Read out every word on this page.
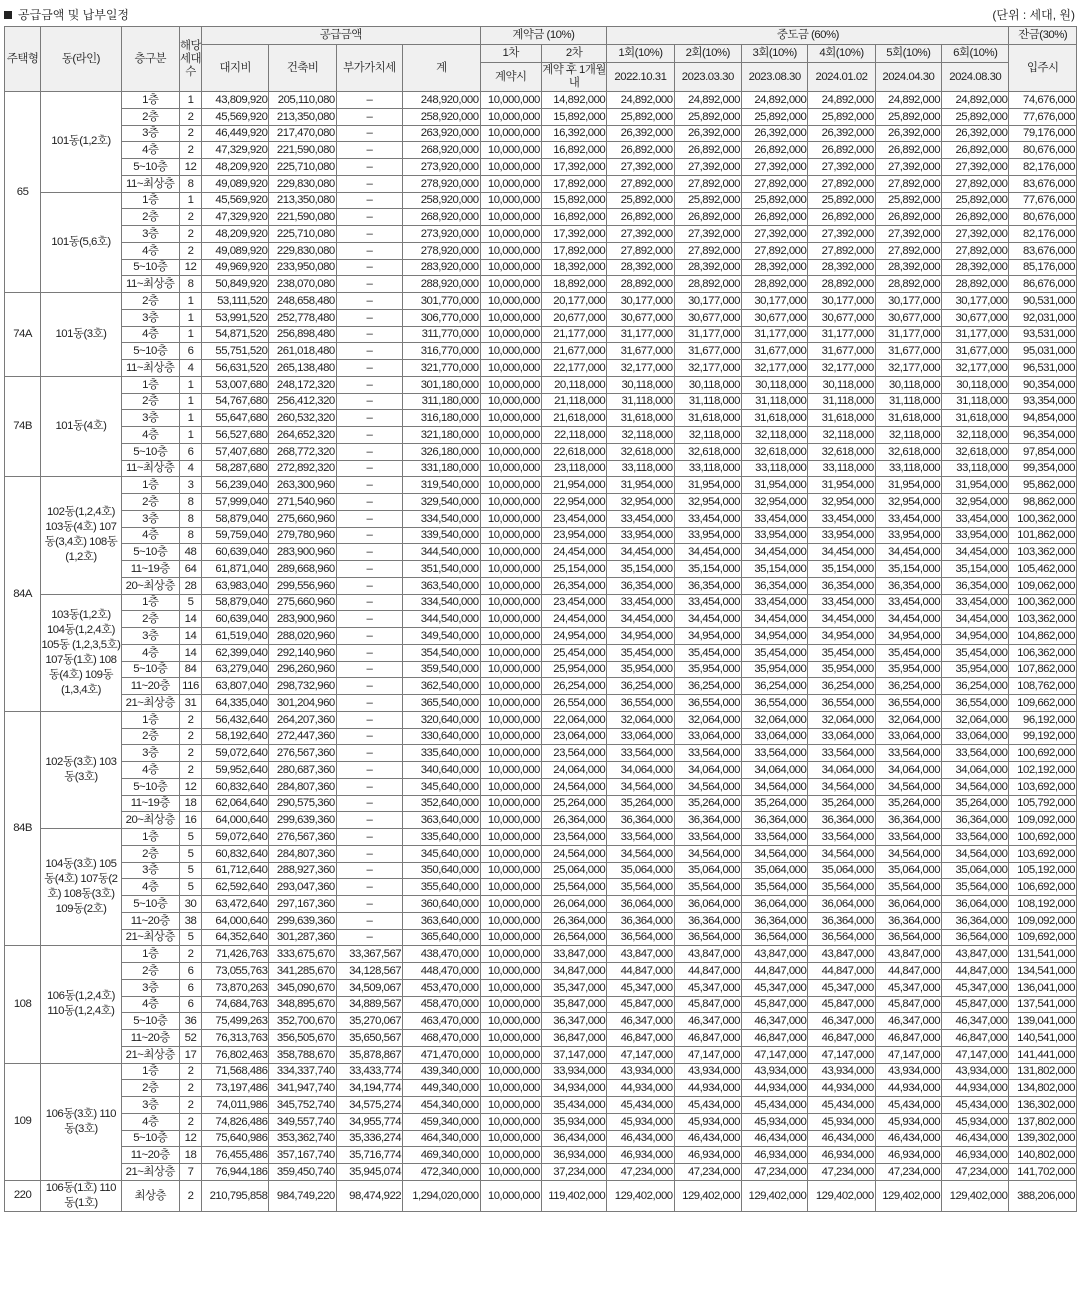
공급금액 및 납부일정	(단위 : 세대, 원)
주택형	동(라인)	층구분	해당세대수	공급금액				계약금 (10%)		중도금 (60%)						잔금(30%)
				대지비	건축비	부가가치세	계	1차	2차	1회(10%)	2회(10%)	3회(10%)	4회(10%)	5회(10%)	6회(10%)	입주시
								계약시	계약 후 1개월 내	2022.10.31	2023.03.30	2023.08.30	2024.01.02	2024.04.30	2024.08.30	
65	101동(1,2호)	1층	1	43,809,920	205,110,080	–	248,920,000	10,000,000	14,892,000	24,892,000	24,892,000	24,892,000	24,892,000	24,892,000	24,892,000	74,676,000
		2층	2	45,569,920	213,350,080	–	258,920,000	10,000,000	15,892,000	25,892,000	25,892,000	25,892,000	25,892,000	25,892,000	25,892,000	77,676,000
		3층	2	46,449,920	217,470,080	–	263,920,000	10,000,000	16,392,000	26,392,000	26,392,000	26,392,000	26,392,000	26,392,000	26,392,000	79,176,000
		4층	2	47,329,920	221,590,080	–	268,920,000	10,000,000	16,892,000	26,892,000	26,892,000	26,892,000	26,892,000	26,892,000	26,892,000	80,676,000
		5~10층	12	48,209,920	225,710,080	–	273,920,000	10,000,000	17,392,000	27,392,000	27,392,000	27,392,000	27,392,000	27,392,000	27,392,000	82,176,000
		11~최상층	8	49,089,920	229,830,080	–	278,920,000	10,000,000	17,892,000	27,892,000	27,892,000	27,892,000	27,892,000	27,892,000	27,892,000	83,676,000
	101동(5,6호)	1층	1	45,569,920	213,350,080	–	258,920,000	10,000,000	15,892,000	25,892,000	25,892,000	25,892,000	25,892,000	25,892,000	25,892,000	77,676,000
		2층	2	47,329,920	221,590,080	–	268,920,000	10,000,000	16,892,000	26,892,000	26,892,000	26,892,000	26,892,000	26,892,000	26,892,000	80,676,000
		3층	2	48,209,920	225,710,080	–	273,920,000	10,000,000	17,392,000	27,392,000	27,392,000	27,392,000	27,392,000	27,392,000	27,392,000	82,176,000
		4층	2	49,089,920	229,830,080	–	278,920,000	10,000,000	17,892,000	27,892,000	27,892,000	27,892,000	27,892,000	27,892,000	27,892,000	83,676,000
		5~10층	12	49,969,920	233,950,080	–	283,920,000	10,000,000	18,392,000	28,392,000	28,392,000	28,392,000	28,392,000	28,392,000	28,392,000	85,176,000
		11~최상층	8	50,849,920	238,070,080	–	288,920,000	10,000,000	18,892,000	28,892,000	28,892,000	28,892,000	28,892,000	28,892,000	28,892,000	86,676,000
74A	101동(3호)	2층	1	53,111,520	248,658,480	–	301,770,000	10,000,000	20,177,000	30,177,000	30,177,000	30,177,000	30,177,000	30,177,000	30,177,000	90,531,000
		3층	1	53,991,520	252,778,480	–	306,770,000	10,000,000	20,677,000	30,677,000	30,677,000	30,677,000	30,677,000	30,677,000	30,677,000	92,031,000
		4층	1	54,871,520	256,898,480	–	311,770,000	10,000,000	21,177,000	31,177,000	31,177,000	31,177,000	31,177,000	31,177,000	31,177,000	93,531,000
		5~10층	6	55,751,520	261,018,480	–	316,770,000	10,000,000	21,677,000	31,677,000	31,677,000	31,677,000	31,677,000	31,677,000	31,677,000	95,031,000
		11~최상층	4	56,631,520	265,138,480	–	321,770,000	10,000,000	22,177,000	32,177,000	32,177,000	32,177,000	32,177,000	32,177,000	32,177,000	96,531,000
74B	101동(4호)	1층	1	53,007,680	248,172,320	–	301,180,000	10,000,000	20,118,000	30,118,000	30,118,000	30,118,000	30,118,000	30,118,000	30,118,000	90,354,000
		2층	1	54,767,680	256,412,320	–	311,180,000	10,000,000	21,118,000	31,118,000	31,118,000	31,118,000	31,118,000	31,118,000	31,118,000	93,354,000
		3층	1	55,647,680	260,532,320	–	316,180,000	10,000,000	21,618,000	31,618,000	31,618,000	31,618,000	31,618,000	31,618,000	31,618,000	94,854,000
		4층	1	56,527,680	264,652,320	–	321,180,000	10,000,000	22,118,000	32,118,000	32,118,000	32,118,000	32,118,000	32,118,000	32,118,000	96,354,000
		5~10층	6	57,407,680	268,772,320	–	326,180,000	10,000,000	22,618,000	32,618,000	32,618,000	32,618,000	32,618,000	32,618,000	32,618,000	97,854,000
		11~최상층	4	58,287,680	272,892,320	–	331,180,000	10,000,000	23,118,000	33,118,000	33,118,000	33,118,000	33,118,000	33,118,000	33,118,000	99,354,000
84A	102동(1,2,4호) 103동(4호) 107동(3,4호) 108동(1,2호)	1층	3	56,239,040	263,300,960	–	319,540,000	10,000,000	21,954,000	31,954,000	31,954,000	31,954,000	31,954,000	31,954,000	31,954,000	95,862,000
		2층	8	57,999,040	271,540,960	–	329,540,000	10,000,000	22,954,000	32,954,000	32,954,000	32,954,000	32,954,000	32,954,000	32,954,000	98,862,000
		3층	8	58,879,040	275,660,960	–	334,540,000	10,000,000	23,454,000	33,454,000	33,454,000	33,454,000	33,454,000	33,454,000	33,454,000	100,362,000
		4층	8	59,759,040	279,780,960	–	339,540,000	10,000,000	23,954,000	33,954,000	33,954,000	33,954,000	33,954,000	33,954,000	33,954,000	101,862,000
		5~10층	48	60,639,040	283,900,960	–	344,540,000	10,000,000	24,454,000	34,454,000	34,454,000	34,454,000	34,454,000	34,454,000	34,454,000	103,362,000
		11~19층	64	61,871,040	289,668,960	–	351,540,000	10,000,000	25,154,000	35,154,000	35,154,000	35,154,000	35,154,000	35,154,000	35,154,000	105,462,000
		20~최상층	28	63,983,040	299,556,960	–	363,540,000	10,000,000	26,354,000	36,354,000	36,354,000	36,354,000	36,354,000	36,354,000	36,354,000	109,062,000
	103동(1,2호) 104동(1,2,4호) 105동 (1,2,3,5호) 107동(1호) 108동(4호) 109동(1,3,4호)	1층	5	58,879,040	275,660,960	–	334,540,000	10,000,000	23,454,000	33,454,000	33,454,000	33,454,000	33,454,000	33,454,000	33,454,000	100,362,000
		2층	14	60,639,040	283,900,960	–	344,540,000	10,000,000	24,454,000	34,454,000	34,454,000	34,454,000	34,454,000	34,454,000	34,454,000	103,362,000
		3층	14	61,519,040	288,020,960	–	349,540,000	10,000,000	24,954,000	34,954,000	34,954,000	34,954,000	34,954,000	34,954,000	34,954,000	104,862,000
		4층	14	62,399,040	292,140,960	–	354,540,000	10,000,000	25,454,000	35,454,000	35,454,000	35,454,000	35,454,000	35,454,000	35,454,000	106,362,000
		5~10층	84	63,279,040	296,260,960	–	359,540,000	10,000,000	25,954,000	35,954,000	35,954,000	35,954,000	35,954,000	35,954,000	35,954,000	107,862,000
		11~20층	116	63,807,040	298,732,960	–	362,540,000	10,000,000	26,254,000	36,254,000	36,254,000	36,254,000	36,254,000	36,254,000	36,254,000	108,762,000
		21~최상층	31	64,335,040	301,204,960	–	365,540,000	10,000,000	26,554,000	36,554,000	36,554,000	36,554,000	36,554,000	36,554,000	36,554,000	109,662,000
84B	102동(3호) 103동(3호)	1층	2	56,432,640	264,207,360	–	320,640,000	10,000,000	22,064,000	32,064,000	32,064,000	32,064,000	32,064,000	32,064,000	32,064,000	96,192,000
		2층	2	58,192,640	272,447,360	–	330,640,000	10,000,000	23,064,000	33,064,000	33,064,000	33,064,000	33,064,000	33,064,000	33,064,000	99,192,000
		3층	2	59,072,640	276,567,360	–	335,640,000	10,000,000	23,564,000	33,564,000	33,564,000	33,564,000	33,564,000	33,564,000	33,564,000	100,692,000
		4층	2	59,952,640	280,687,360	–	340,640,000	10,000,000	24,064,000	34,064,000	34,064,000	34,064,000	34,064,000	34,064,000	34,064,000	102,192,000
		5~10층	12	60,832,640	284,807,360	–	345,640,000	10,000,000	24,564,000	34,564,000	34,564,000	34,564,000	34,564,000	34,564,000	34,564,000	103,692,000
		11~19층	18	62,064,640	290,575,360	–	352,640,000	10,000,000	25,264,000	35,264,000	35,264,000	35,264,000	35,264,000	35,264,000	35,264,000	105,792,000
		20~최상층	16	64,000,640	299,639,360	–	363,640,000	10,000,000	26,364,000	36,364,000	36,364,000	36,364,000	36,364,000	36,364,000	36,364,000	109,092,000
	104동(3호) 105동(4호) 107동(2호) 108동(3호) 109동(2호)	1층	5	59,072,640	276,567,360	–	335,640,000	10,000,000	23,564,000	33,564,000	33,564,000	33,564,000	33,564,000	33,564,000	33,564,000	100,692,000
		2층	5	60,832,640	284,807,360	–	345,640,000	10,000,000	24,564,000	34,564,000	34,564,000	34,564,000	34,564,000	34,564,000	34,564,000	103,692,000
		3층	5	61,712,640	288,927,360	–	350,640,000	10,000,000	25,064,000	35,064,000	35,064,000	35,064,000	35,064,000	35,064,000	35,064,000	105,192,000
		4층	5	62,592,640	293,047,360	–	355,640,000	10,000,000	25,564,000	35,564,000	35,564,000	35,564,000	35,564,000	35,564,000	35,564,000	106,692,000
		5~10층	30	63,472,640	297,167,360	–	360,640,000	10,000,000	26,064,000	36,064,000	36,064,000	36,064,000	36,064,000	36,064,000	36,064,000	108,192,000
		11~20층	38	64,000,640	299,639,360	–	363,640,000	10,000,000	26,364,000	36,364,000	36,364,000	36,364,000	36,364,000	36,364,000	36,364,000	109,092,000
		21~최상층	5	64,352,640	301,287,360	–	365,640,000	10,000,000	26,564,000	36,564,000	36,564,000	36,564,000	36,564,000	36,564,000	36,564,000	109,692,000
108	106동(1,2,4호) 110동(1,2,4호)	1층	2	71,426,763	333,675,670	33,367,567	438,470,000	10,000,000	33,847,000	43,847,000	43,847,000	43,847,000	43,847,000	43,847,000	43,847,000	131,541,000
		2층	6	73,055,763	341,285,670	34,128,567	448,470,000	10,000,000	34,847,000	44,847,000	44,847,000	44,847,000	44,847,000	44,847,000	44,847,000	134,541,000
		3층	6	73,870,263	345,090,670	34,509,067	453,470,000	10,000,000	35,347,000	45,347,000	45,347,000	45,347,000	45,347,000	45,347,000	45,347,000	136,041,000
		4층	6	74,684,763	348,895,670	34,889,567	458,470,000	10,000,000	35,847,000	45,847,000	45,847,000	45,847,000	45,847,000	45,847,000	45,847,000	137,541,000
		5~10층	36	75,499,263	352,700,670	35,270,067	463,470,000	10,000,000	36,347,000	46,347,000	46,347,000	46,347,000	46,347,000	46,347,000	46,347,000	139,041,000
		11~20층	52	76,313,763	356,505,670	35,650,567	468,470,000	10,000,000	36,847,000	46,847,000	46,847,000	46,847,000	46,847,000	46,847,000	46,847,000	140,541,000
		21~최상층	17	76,802,463	358,788,670	35,878,867	471,470,000	10,000,000	37,147,000	47,147,000	47,147,000	47,147,000	47,147,000	47,147,000	47,147,000	141,441,000
109	106동(3호) 110동(3호)	1층	2	71,568,486	334,337,740	33,433,774	439,340,000	10,000,000	33,934,000	43,934,000	43,934,000	43,934,000	43,934,000	43,934,000	43,934,000	131,802,000
		2층	2	73,197,486	341,947,740	34,194,774	449,340,000	10,000,000	34,934,000	44,934,000	44,934,000	44,934,000	44,934,000	44,934,000	44,934,000	134,802,000
		3층	2	74,011,986	345,752,740	34,575,274	454,340,000	10,000,000	35,434,000	45,434,000	45,434,000	45,434,000	45,434,000	45,434,000	45,434,000	136,302,000
		4층	2	74,826,486	349,557,740	34,955,774	459,340,000	10,000,000	35,934,000	45,934,000	45,934,000	45,934,000	45,934,000	45,934,000	45,934,000	137,802,000
		5~10층	12	75,640,986	353,362,740	35,336,274	464,340,000	10,000,000	36,434,000	46,434,000	46,434,000	46,434,000	46,434,000	46,434,000	46,434,000	139,302,000
		11~20층	18	76,455,486	357,167,740	35,716,774	469,340,000	10,000,000	36,934,000	46,934,000	46,934,000	46,934,000	46,934,000	46,934,000	46,934,000	140,802,000
		21~최상층	7	76,944,186	359,450,740	35,945,074	472,340,000	10,000,000	37,234,000	47,234,000	47,234,000	47,234,000	47,234,000	47,234,000	47,234,000	141,702,000
220	106동(1호) 110동(1호)	최상층	2	210,795,858	984,749,220	98,474,922	1,294,020,000	10,000,000	119,402,000	129,402,000	129,402,000	129,402,000	129,402,000	129,402,000	129,402,000	388,206,000
